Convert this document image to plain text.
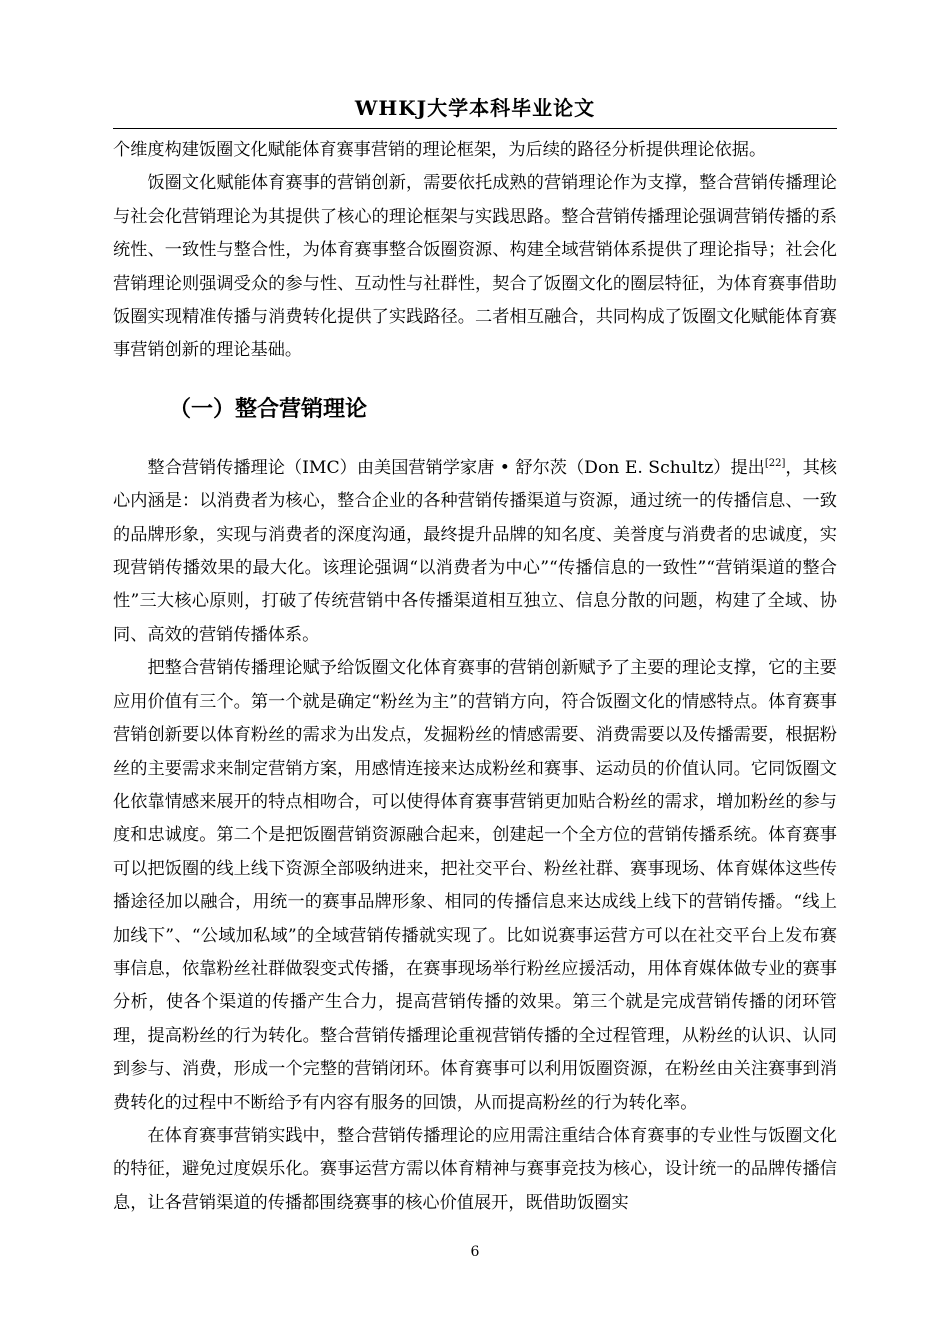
WHKJ大学本科毕业论文

个维度构建饭圈文化赋能体育赛事营销的理论框架，为后续的路径分析提供理论依据。

饭圈文化赋能体育赛事的营销创新，需要依托成熟的营销理论作为支撑，整合营销传播理论与社会化营销理论为其提供了核心的理论框架与实践思路。整合营销传播理论强调营销传播的系统性、一致性与整合性，为体育赛事整合饭圈资源、构建全域营销体系提供了理论指导；社会化营销理论则强调受众的参与性、互动性与社群性，契合了饭圈文化的圈层特征，为体育赛事借助饭圈实现精准传播与消费转化提供了实践路径。二者相互融合，共同构成了饭圈文化赋能体育赛事营销创新的理论基础。

（一）整合营销理论

整合营销传播理论（IMC）由美国营销学家唐 • 舒尔茨（Don E. Schultz）提出[22]，其核心内涵是：以消费者为核心，整合企业的各种营销传播渠道与资源，通过统一的传播信息、一致的品牌形象，实现与消费者的深度沟通，最终提升品牌的知名度、美誉度与消费者的忠诚度，实现营销传播效果的最大化。该理论强调“以消费者为中心”“传播信息的一致性”“营销渠道的整合性”三大核心原则，打破了传统营销中各传播渠道相互独立、信息分散的问题，构建了全域、协同、高效的营销传播体系。

把整合营销传播理论赋予给饭圈文化体育赛事的营销创新赋予了主要的理论支撑，它的主要应用价值有三个。第一个就是确定“粉丝为主”的营销方向，符合饭圈文化的情感特点。体育赛事营销创新要以体育粉丝的需求为出发点，发掘粉丝的情感需要、消费需要以及传播需要，根据粉丝的主要需求来制定营销方案，用感情连接来达成粉丝和赛事、运动员的价值认同。它同饭圈文化依靠情感来展开的特点相吻合，可以使得体育赛事营销更加贴合粉丝的需求，增加粉丝的参与度和忠诚度。第二个是把饭圈营销资源融合起来，创建起一个全方位的营销传播系统。体育赛事可以把饭圈的线上线下资源全部吸纳进来，把社交平台、粉丝社群、赛事现场、体育媒体这些传播途径加以融合，用统一的赛事品牌形象、相同的传播信息来达成线上线下的营销传播。“线上加线下”、“公域加私域”的全域营销传播就实现了。比如说赛事运营方可以在社交平台上发布赛事信息，依靠粉丝社群做裂变式传播，在赛事现场举行粉丝应援活动，用体育媒体做专业的赛事分析，使各个渠道的传播产生合力，提高营销传播的效果。第三个就是完成营销传播的闭环管理，提高粉丝的行为转化。整合营销传播理论重视营销传播的全过程管理，从粉丝的认识、认同到参与、消费，形成一个完整的营销闭环。体育赛事可以利用饭圈资源，在粉丝由关注赛事到消费转化的过程中不断给予有内容有服务的回馈，从而提高粉丝的行为转化率。

在体育赛事营销实践中，整合营销传播理论的应用需注重结合体育赛事的专业性与饭圈文化的特征，避免过度娱乐化。赛事运营方需以体育精神与赛事竞技为核心，设计统一的品牌传播信息，让各营销渠道的传播都围绕赛事的核心价值展开，既借助饭圈实

6
